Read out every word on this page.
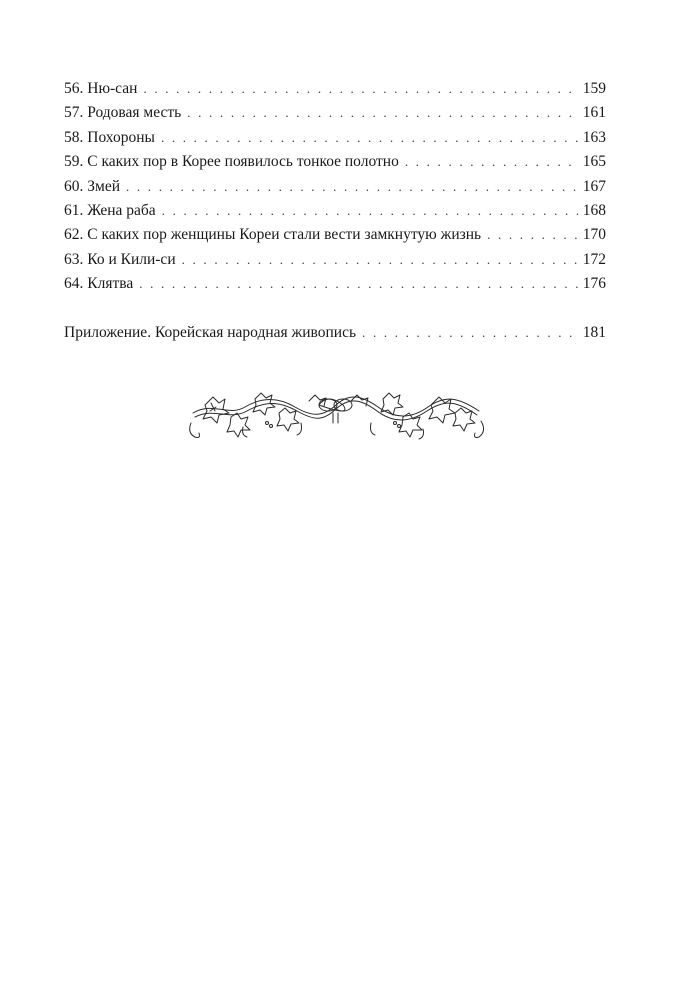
56. Ню-сан . . .	159
57. Родовая месть . . .	161
58. Похороны . . .	163
59. С каких пор в Корее появилось тонкое полотно . . .	165
60. Змей . . .	167
61. Жена раба . . .	168
62. С каких пор женщины Кореи стали вести замкнутую жизнь . . .	170
63. Ко и Кили-си . . .	172
64. Клятва . . .	176
Приложение. Корейская народная живопись . . .	181
